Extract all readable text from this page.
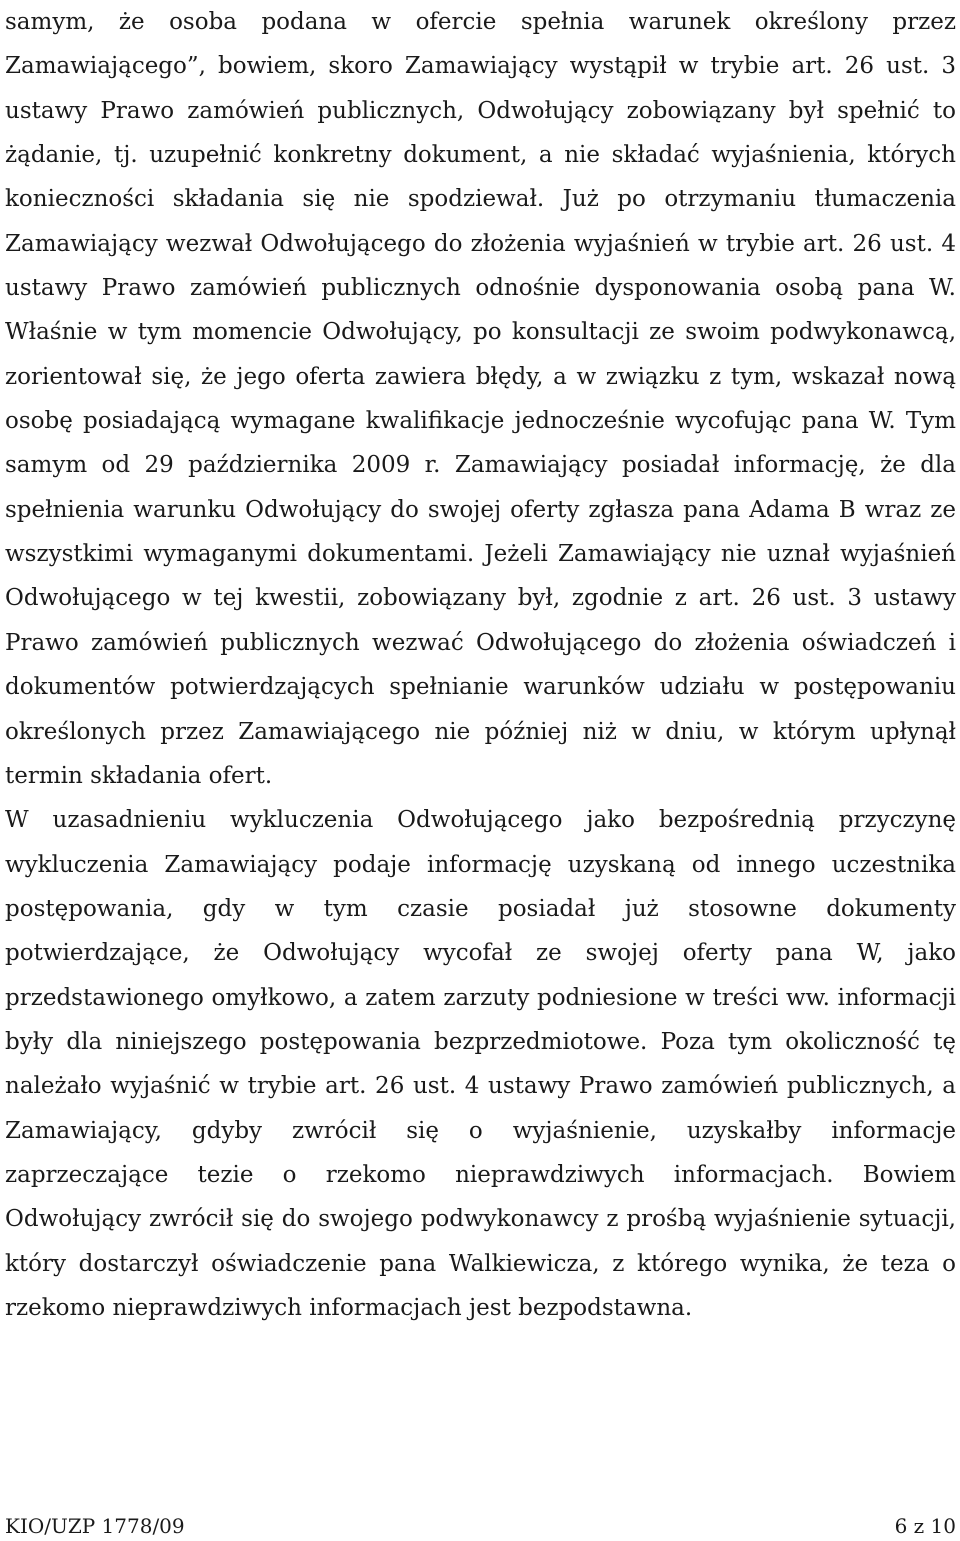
samym, że osoba podana w ofercie spełnia warunek określony przez Zamawiającego”, bowiem, skoro Zamawiający wystąpił w trybie art. 26 ust. 3 ustawy Prawo zamówień publicznych, Odwołujący zobowiązany był spełnić to żądanie, tj. uzupełnić konkretny dokument, a nie składać wyjaśnienia, których konieczności składania się nie spodziewał. Już po otrzymaniu tłumaczenia Zamawiający wezwał Odwołującego do złożenia wyjaśnień w trybie art. 26 ust. 4 ustawy Prawo zamówień publicznych odnośnie dysponowania osobą pana W. Właśnie w tym momencie Odwołujący, po konsultacji ze swoim podwykonawcą, zorientował się, że jego oferta zawiera błędy, a w związku z tym, wskazał nową osobę posiadającą wymagane kwalifikacje jednocześnie wycofując pana W. Tym samym od 29 października 2009 r. Zamawiający posiadał informację, że dla spełnienia warunku Odwołujący do swojej oferty zgłasza pana Adama B wraz ze wszystkimi wymaganymi dokumentami. Jeżeli Zamawiający nie uznał wyjaśnień Odwołującego w tej kwestii, zobowiązany był, zgodnie z art. 26 ust. 3 ustawy Prawo zamówień publicznych wezwać Odwołującego do złożenia oświadczeń i dokumentów potwierdzających spełnianie warunków udziału w postępowaniu określonych przez Zamawiającego nie później niż w dniu, w którym upłynął termin składania ofert.

W uzasadnieniu wykluczenia Odwołującego jako bezpośrednią przyczynę wykluczenia Zamawiający podaje informację uzyskaną od innego uczestnika postępowania, gdy w tym czasie posiadał już stosowne dokumenty potwierdzające, że Odwołujący wycofał ze swojej oferty pana W, jako przedstawionego omyłkowo, a zatem zarzuty podniesione w treści ww. informacji były dla niniejszego postępowania bezprzedmiotowe. Poza tym okoliczność tę należało wyjaśnić w trybie art. 26 ust. 4 ustawy Prawo zamówień publicznych, a Zamawiający, gdyby zwrócił się o wyjaśnienie, uzyskałby informacje zaprzeczające tezie o rzekomo nieprawdziwych informacjach. Bowiem Odwołujący zwrócił się do swojego podwykonawcy z prośbą wyjaśnienie sytuacji, który dostarczył oświadczenie pana Walkiewicza, z którego wynika, że teza o rzekomo nieprawdziwych informacjach jest bezpodstawna.

KIO/UZP 1778/09	6 z 10
